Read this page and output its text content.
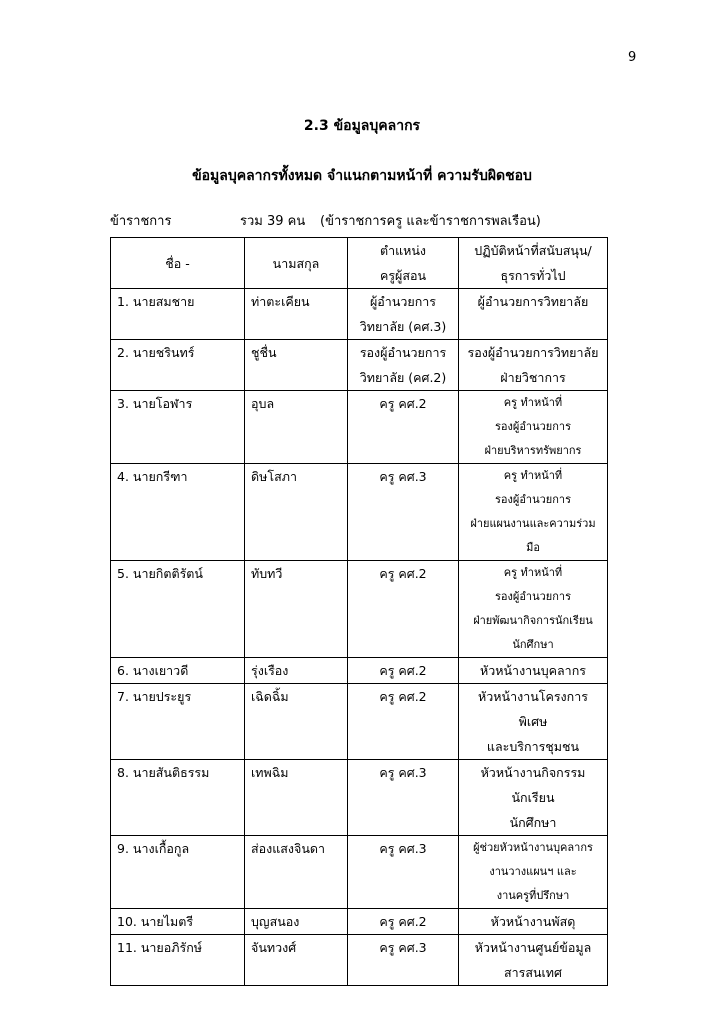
9
2.3 ข้อมูลบุคลากร
ข้อมูลบุคลากรทั้งหมด จำแนกตามหน้าที่ ความรับผิดชอบ
ข้าราชการ	รวม 39 คน (ข้าราชการครู และข้าราชการพลเรือน)
ชื่อ -	นามสกุล	ตำแหน่ง
ครูผู้สอน	ปฏิบัติหน้าที่สนับสนุน/
ธุรการทั่วไป

1. นายสมชาย	ท่าตะเคียน	ผู้อำนวยการ
วิทยาลัย (คศ.3)	ผู้อำนวยการวิทยาลัย

2. นายชรินทร์	ชูชื่น	รองผู้อำนวยการ
วิทยาลัย (คศ.2)	รองผู้อำนวยการวิทยาลัย
ฝ่ายวิชาการ

3. นายโอฬาร	อุบล	ครู คศ.2	ครู ทำหน้าที่
รองผู้อำนวยการ
ฝ่ายบริหารทรัพยากร

4. นายกรีฑา	ดิษโสภา	ครู คศ.3	ครู ทำหน้าที่
รองผู้อำนวยการ
ฝ่ายแผนงานและความร่วมมือ

5. นายกิตติรัตน์	ทับทวี	ครู คศ.2	ครู ทำหน้าที่
รองผู้อำนวยการ
ฝ่ายพัฒนากิจการนักเรียน
นักศึกษา

6. นางเยาวดี	รุ่งเรือง	ครู คศ.2	หัวหน้างานบุคลากร

7. นายประยูร	เฉิดฉิ้ม	ครู คศ.2	หัวหน้างานโครงการพิเศษ
และบริการชุมชน

8. นายสันติธรรม	เทพฉิม	ครู คศ.3	หัวหน้างานกิจกรรมนักเรียน
นักศึกษา

9. นางเกื้อกูล	ส่องแสงจินดา	ครู คศ.3	ผู้ช่วยหัวหน้างานบุคลากร
งานวางแผนฯ และ
งานครูที่ปรึกษา

10. นายไมตรี	บุญสนอง	ครู คศ.2	หัวหน้างานพัสดุ

11. นายอภิรักษ์	จันทวงศ์	ครู คศ.3	หัวหน้างานศูนย์ข้อมูล
สารสนเทศ
